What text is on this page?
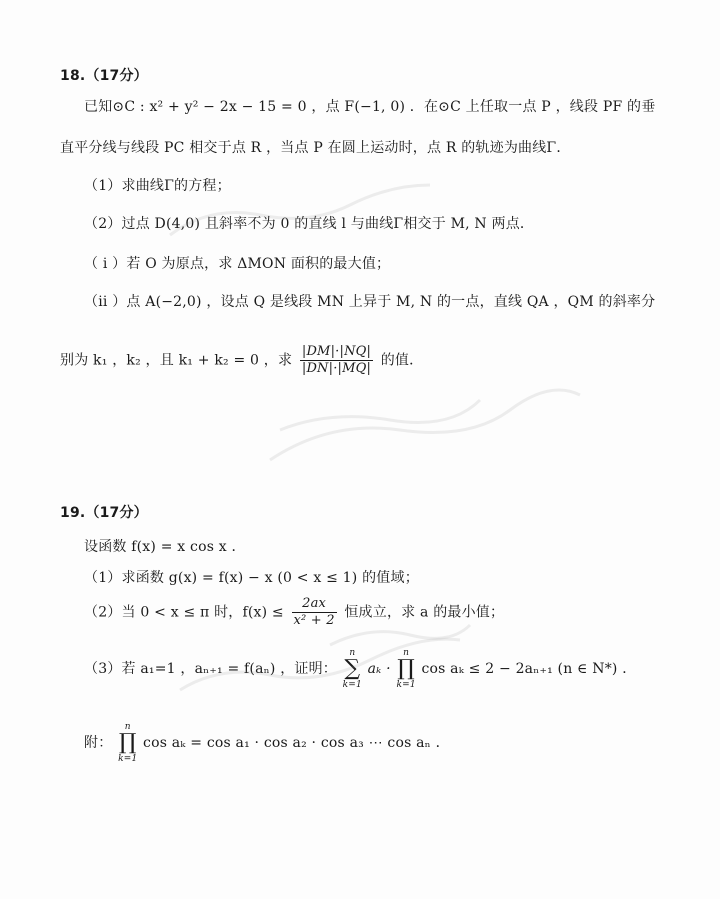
18.（17分）
已知⊙C : x² + y² − 2x − 15 = 0 ，点 F(−1, 0) ．在⊙C 上任取一点 P ，线段 PF 的垂
直平分线与线段 PC 相交于点 R ，当点 P 在圆上运动时，点 R 的轨迹为曲线Γ．
（1）求曲线Γ的方程；
（2）过点 D(4,0) 且斜率不为 0 的直线 l 与曲线Γ相交于 M, N 两点．
（ i ）若 O 为原点，求 ΔMON 面积的最大值；
（ii ）点 A(−2,0) ，设点 Q 是线段 MN 上异于 M, N 的一点，直线 QA ，QM 的斜率分
别为 k₁ ，k₂ ，且 k₁ + k₂ = 0 ，求 $\frac{|DM|\cdot|NQ|}{|DN|\cdot|MQ|}$ 的值．
19.（17分）
设函数 f(x) = x cos x ．
（1）求函数 g(x) = f(x) − x (0 < x ≤ 1) 的值域；
（2）当 0 < x ≤ π 时，$f(x) \le \frac{2ax}{\text{x² + 2}}$ 恒成立，求 a 的最小值；
（3）若 a₁=1 ，aₙ₊₁ = f(aₙ) ，证明：
n
∑
k=1
aₖ ·
n
∏
k=1
cos aₖ ≤ 2 − 2aₙ₊₁ (n ∈ N*) ．
附：
n
∏
k=1
cos aₖ = cos a₁ · cos a₂ · cos a₃ ⋯ cos aₙ ．
